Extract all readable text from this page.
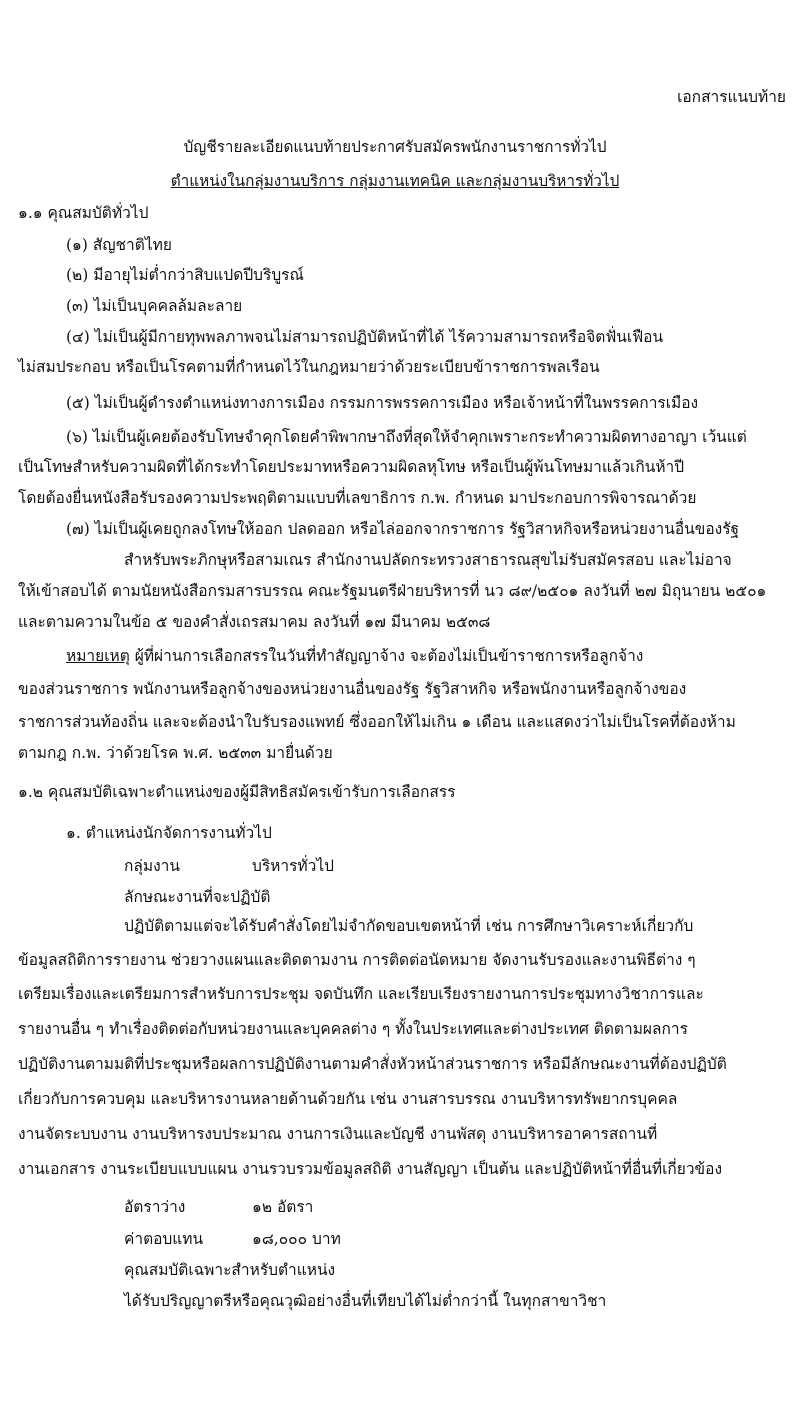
เอกสารแนบท้าย
บัญชีรายละเอียดแนบท้ายประกาศรับสมัครพนักงานราชการทั่วไป
ตำแหน่งในกลุ่มงานบริการ กลุ่มงานเทคนิค และกลุ่มงานบริหารทั่วไป
๑.๑ คุณสมบัติทั่วไป
(๑) สัญชาติไทย
(๒) มีอายุไม่ต่ำกว่าสิบแปดปีบริบูรณ์
(๓) ไม่เป็นบุคคลล้มละลาย
(๔) ไม่เป็นผู้มีกายทุพพลภาพจนไม่สามารถปฏิบัติหน้าที่ได้ ไร้ความสามารถหรือจิตฟั่นเฟือน
ไม่สมประกอบ หรือเป็นโรคตามที่กำหนดไว้ในกฎหมายว่าด้วยระเบียบข้าราชการพลเรือน
(๕) ไม่เป็นผู้ดำรงตำแหน่งทางการเมือง กรรมการพรรคการเมือง หรือเจ้าหน้าที่ในพรรคการเมือง
(๖) ไม่เป็นผู้เคยต้องรับโทษจำคุกโดยคำพิพากษาถึงที่สุดให้จำคุกเพราะกระทำความผิดทางอาญา เว้นแต่
เป็นโทษสำหรับความผิดที่ได้กระทำโดยประมาทหรือความผิดลหุโทษ หรือเป็นผู้พ้นโทษมาแล้วเกินห้าปี
โดยต้องยื่นหนังสือรับรองความประพฤติตามแบบที่เลขาธิการ ก.พ. กำหนด มาประกอบการพิจารณาด้วย
(๗) ไม่เป็นผู้เคยถูกลงโทษให้ออก ปลดออก หรือไล่ออกจากราชการ รัฐวิสาหกิจหรือหน่วยงานอื่นของรัฐ
สำหรับพระภิกษุหรือสามเณร สำนักงานปลัดกระทรวงสาธารณสุขไม่รับสมัครสอบ และไม่อาจ
ให้เข้าสอบได้ ตามนัยหนังสือกรมสารบรรณ คณะรัฐมนตรีฝ่ายบริหารที่ นว ๘๙/๒๕๐๑ ลงวันที่ ๒๗ มิถุนายน ๒๕๐๑
และตามความในข้อ ๕ ของคำสั่งเถรสมาคม ลงวันที่ ๑๗ มีนาคม ๒๕๓๘
หมายเหตุ ผู้ที่ผ่านการเลือกสรรในวันที่ทำสัญญาจ้าง จะต้องไม่เป็นข้าราชการหรือลูกจ้าง
ของส่วนราชการ พนักงานหรือลูกจ้างของหน่วยงานอื่นของรัฐ รัฐวิสาหกิจ หรือพนักงานหรือลูกจ้างของ
ราชการส่วนท้องถิ่น และจะต้องนำใบรับรองแพทย์ ซึ่งออกให้ไม่เกิน ๑ เดือน และแสดงว่าไม่เป็นโรคที่ต้องห้าม
ตามกฎ ก.พ. ว่าด้วยโรค พ.ศ. ๒๕๓๓ มายื่นด้วย
๑.๒ คุณสมบัติเฉพาะตำแหน่งของผู้มีสิทธิสมัครเข้ารับการเลือกสรร
๑. ตำแหน่งนักจัดการงานทั่วไป
กลุ่มงาน	บริหารทั่วไป
ลักษณะงานที่จะปฏิบัติ
ปฏิบัติตามแต่จะได้รับคำสั่งโดยไม่จำกัดขอบเขตหน้าที่ เช่น การศึกษาวิเคราะห์เกี่ยวกับ
ข้อมูลสถิติการรายงาน ช่วยวางแผนและติดตามงาน การติดต่อนัดหมาย จัดงานรับรองและงานพิธีต่าง ๆ
เตรียมเรื่องและเตรียมการสำหรับการประชุม จดบันทึก และเรียบเรียงรายงานการประชุมทางวิชาการและ
รายงานอื่น ๆ ทำเรื่องติดต่อกับหน่วยงานและบุคคลต่าง ๆ ทั้งในประเทศและต่างประเทศ ติดตามผลการ
ปฏิบัติงานตามมติที่ประชุมหรือผลการปฏิบัติงานตามคำสั่งหัวหน้าส่วนราชการ หรือมีลักษณะงานที่ต้องปฏิบัติ
เกี่ยวกับการควบคุม และบริหารงานหลายด้านด้วยกัน เช่น งานสารบรรณ งานบริหารทรัพยากรบุคคล
งานจัดระบบงาน งานบริหารงบประมาณ งานการเงินและบัญชี งานพัสดุ งานบริหารอาคารสถานที่
งานเอกสาร งานระเบียบแบบแผน งานรวบรวมข้อมูลสถิติ งานสัญญา เป็นต้น และปฏิบัติหน้าที่อื่นที่เกี่ยวข้อง
อัตราว่าง	๑๒ อัตรา
ค่าตอบแทน	๑๘,๐๐๐ บาท
คุณสมบัติเฉพาะสำหรับตำแหน่ง
ได้รับปริญญาตรีหรือคุณวุฒิอย่างอื่นที่เทียบได้ไม่ต่ำกว่านี้ ในทุกสาขาวิชา
